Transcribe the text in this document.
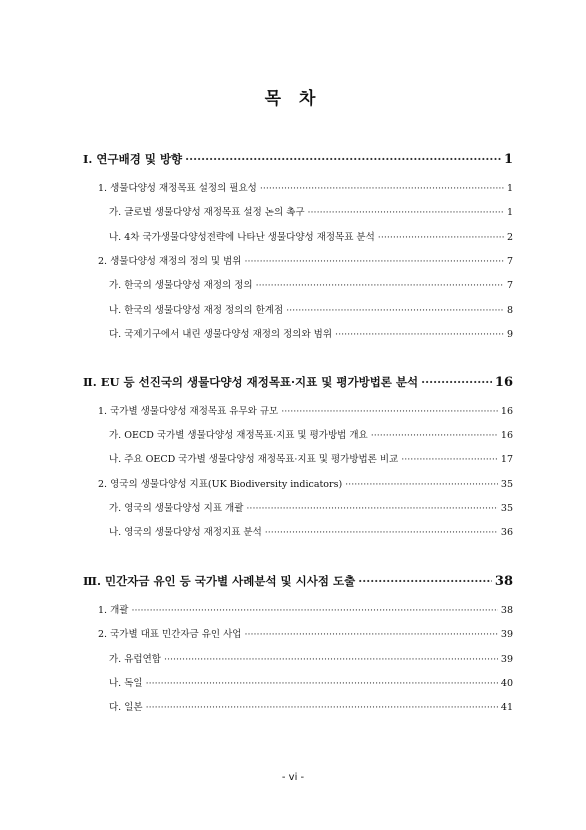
목 차
Ⅰ. 연구배경 및 방향 ·····	1
1. 생물다양성 재정목표 설정의 필요성 ·····	1
가. 글로벌 생물다양성 재정목표 설정 논의 촉구 ·····	1
나. 4차 국가생물다양성전략에 나타난 생물다양성 재정목표 분석 ·····	2
2. 생물다양성 재정의 정의 및 범위 ·····	7
가. 한국의 생물다양성 재정의 정의 ·····	7
나. 한국의 생물다양성 재정 정의의 한계점 ·····	8
다. 국제기구에서 내린 생물다양성 재정의 정의와 범위 ·····	9
Ⅱ. EU 등 선진국의 생물다양성 재정목표·지표 및 평가방법론 분석 ·····	16
1. 국가별 생물다양성 재정목표 유무와 규모 ·····	16
가. OECD 국가별 생물다양성 재정목표·지표 및 평가방법 개요 ·····	16
나. 주요 OECD 국가별 생물다양성 재정목표·지표 및 평가방법론 비교 ·····	17
2. 영국의 생물다양성 지표(UK Biodiversity indicators) ·····	35
가. 영국의 생물다양성 지표 개괄 ·····	35
나. 영국의 생물다양성 재정지표 분석 ·····	36
Ⅲ. 민간자금 유인 등 국가별 사례분석 및 시사점 도출 ·····	38
1. 개괄 ·····	38
2. 국가별 대표 민간자금 유인 사업 ·····	39
가. 유럽연합 ·····	39
나. 독일 ·····	40
다. 일본 ·····	41
- vi -
